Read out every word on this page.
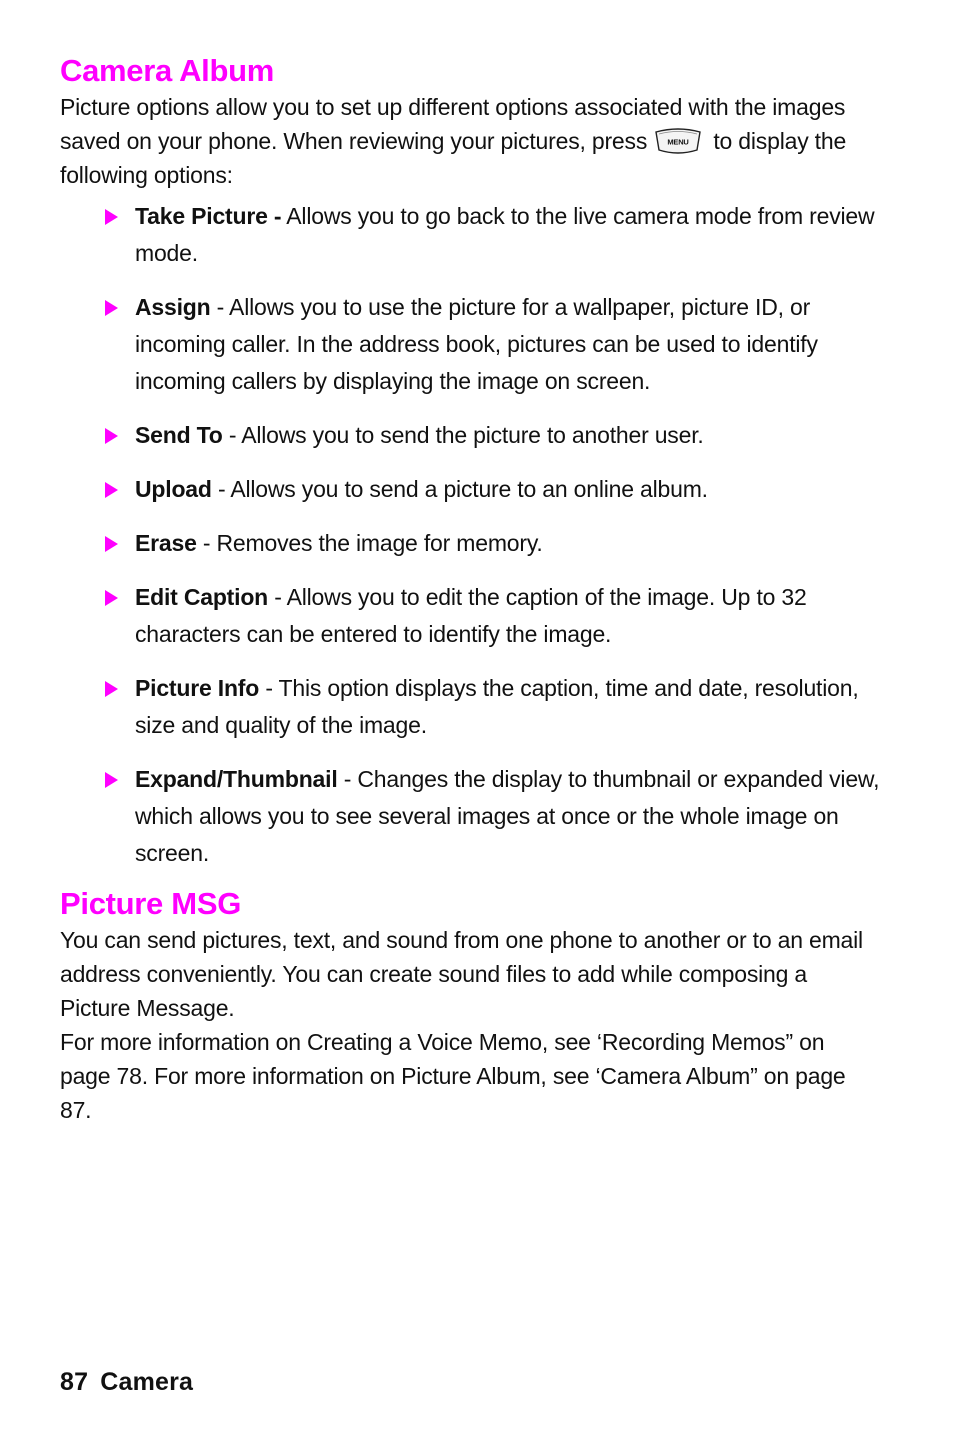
Camera Album

Picture options allow you to set up different options associated with the images saved on your phone. When reviewing your pictures, press	MENU to display the following options:

Take Picture - Allows you to go back to the live camera mode from review mode.
Assign - Allows you to use the picture for a wallpaper, picture ID, or incoming caller. In the address book, pictures can be used to identify incoming callers by displaying the image on screen.
Send To - Allows you to send the picture to another user.
Upload - Allows you to send a picture to an online album.
Erase - Removes the image for memory.
Edit Caption - Allows you to edit the caption of the image. Up to 32 characters can be entered to identify the image.
Picture Info - This option displays the caption, time and date, resolution, size and quality of the image.
Expand/Thumbnail - Changes the display to thumbnail or expanded view, which allows you to see several images at once or the whole image on screen.
Picture MSG

You can send pictures, text, and sound from one phone to another or to an email address conveniently. You can create sound files to add while composing a Picture Message.

For more information on Creating a Voice Memo, see ‘Recording Memos” on page 78. For more information on Picture Album, see ‘Camera Album” on page 87.

87 Camera
